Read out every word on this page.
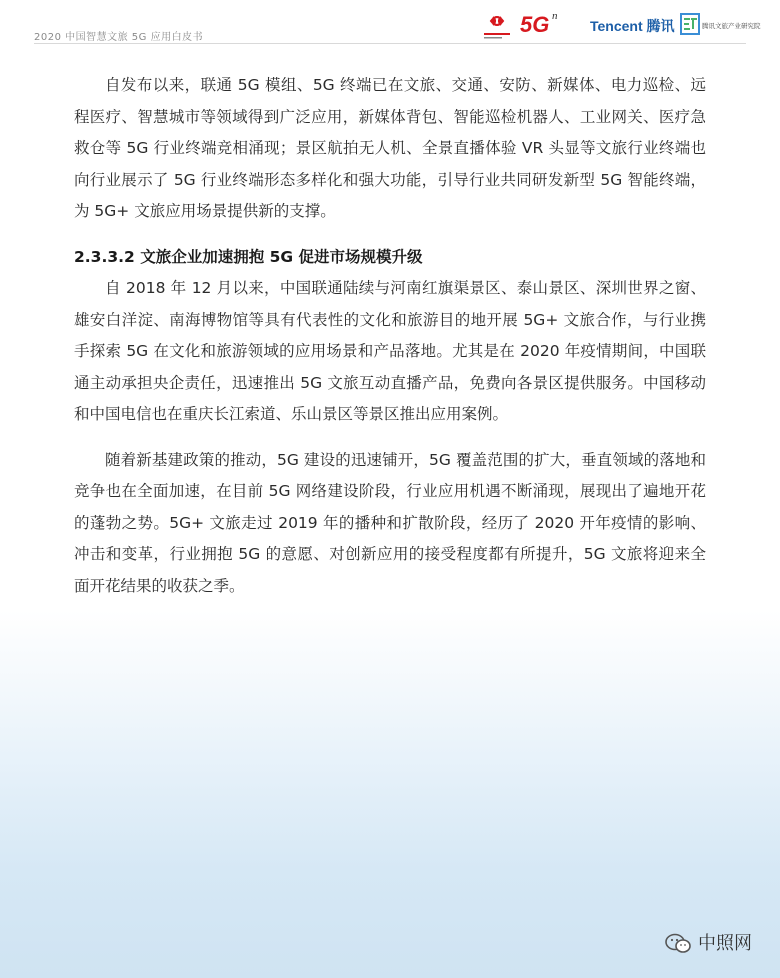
2020 中国智慧文旅 5G 应用白皮书
5G n
Tencent 腾讯	腾讯文旅产业研究院

自发布以来，联通 5G 模组、5G 终端已在文旅、交通、安防、新媒体、电力巡检、远程医疗、智慧城市等领域得到广泛应用，新媒体背包、智能巡检机器人、工业网关、医疗急救仓等 5G 行业终端竞相涌现；景区航拍无人机、全景直播体验 VR 头显等文旅行业终端也向行业展示了 5G 行业终端形态多样化和强大功能，引导行业共同研发新型 5G 智能终端，为 5G+ 文旅应用场景提供新的支撑。

2.3.3.2 文旅企业加速拥抱 5G 促进市场规模升级

自 2018 年 12 月以来，中国联通陆续与河南红旗渠景区、泰山景区、深圳世界之窗、雄安白洋淀、南海博物馆等具有代表性的文化和旅游目的地开展 5G+ 文旅合作，与行业携手探索 5G 在文化和旅游领域的应用场景和产品落地。尤其是在 2020 年疫情期间，中国联通主动承担央企责任，迅速推出 5G 文旅互动直播产品，免费向各景区提供服务。中国移动和中国电信也在重庆长江索道、乐山景区等景区推出应用案例。

随着新基建政策的推动，5G 建设的迅速铺开，5G 覆盖范围的扩大，垂直领域的落地和竞争也在全面加速，在目前 5G 网络建设阶段，行业应用机遇不断涌现，展现出了遍地开花的蓬勃之势。5G+ 文旅走过 2019 年的播种和扩散阶段，经历了 2020 开年疫情的影响、冲击和变革，行业拥抱 5G 的意愿、对创新应用的接受程度都有所提升，5G 文旅将迎来全面开花结果的收获之季。

中照网
